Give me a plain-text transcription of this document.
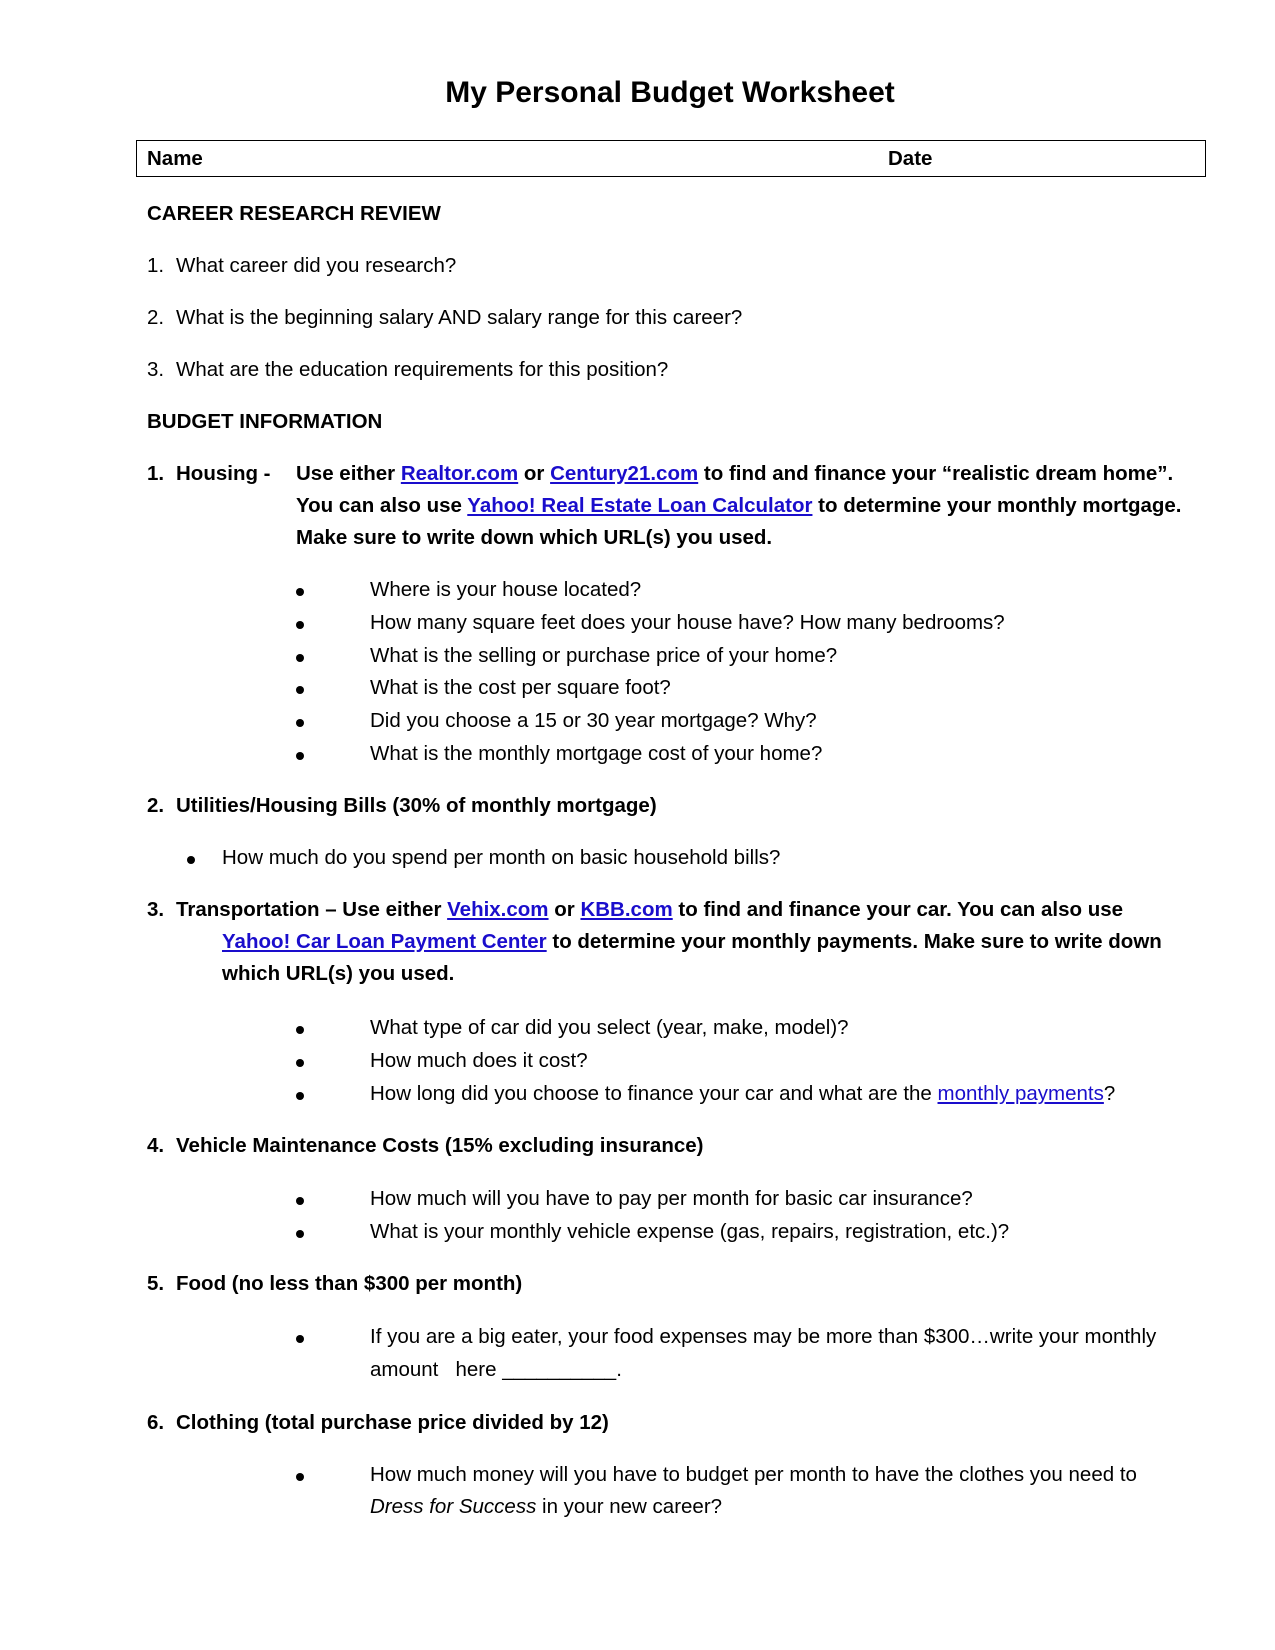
My Personal Budget Worksheet
Name	Date
CAREER RESEARCH REVIEW
1. What career did you research?
2. What is the beginning salary AND salary range for this career?
3. What are the education requirements for this position?
BUDGET INFORMATION
1. Housing - Use either Realtor.com or Century21.com to find and finance your “realistic dream home”.
You can also use Yahoo! Real Estate Loan Calculator to determine your monthly mortgage.
Make sure to write down which URL(s) you used.
Where is your house located?
How many square feet does your house have? How many bedrooms?
What is the selling or purchase price of your home?
What is the cost per square foot?
Did you choose a 15 or 30 year mortgage? Why?
What is the monthly mortgage cost of your home?
2. Utilities/Housing Bills (30% of monthly mortgage)
How much do you spend per month on basic household bills?
3. Transportation – Use either Vehix.com or KBB.com to find and finance your car. You can also use
Yahoo! Car Loan Payment Center to determine your monthly payments. Make sure to write down
which URL(s) you used.
What type of car did you select (year, make, model)?
How much does it cost?
How long did you choose to finance your car and what are the monthly payments?
4. Vehicle Maintenance Costs (15% excluding insurance)
How much will you have to pay per month for basic car insurance?
What is your monthly vehicle expense (gas, repairs, registration, etc.)?
5. Food (no less than $300 per month)
If you are a big eater, your food expenses may be more than $300…write your monthly
amount   here __________.
6. Clothing (total purchase price divided by 12)
How much money will you have to budget per month to have the clothes you need to
Dress for Success in your new career?
